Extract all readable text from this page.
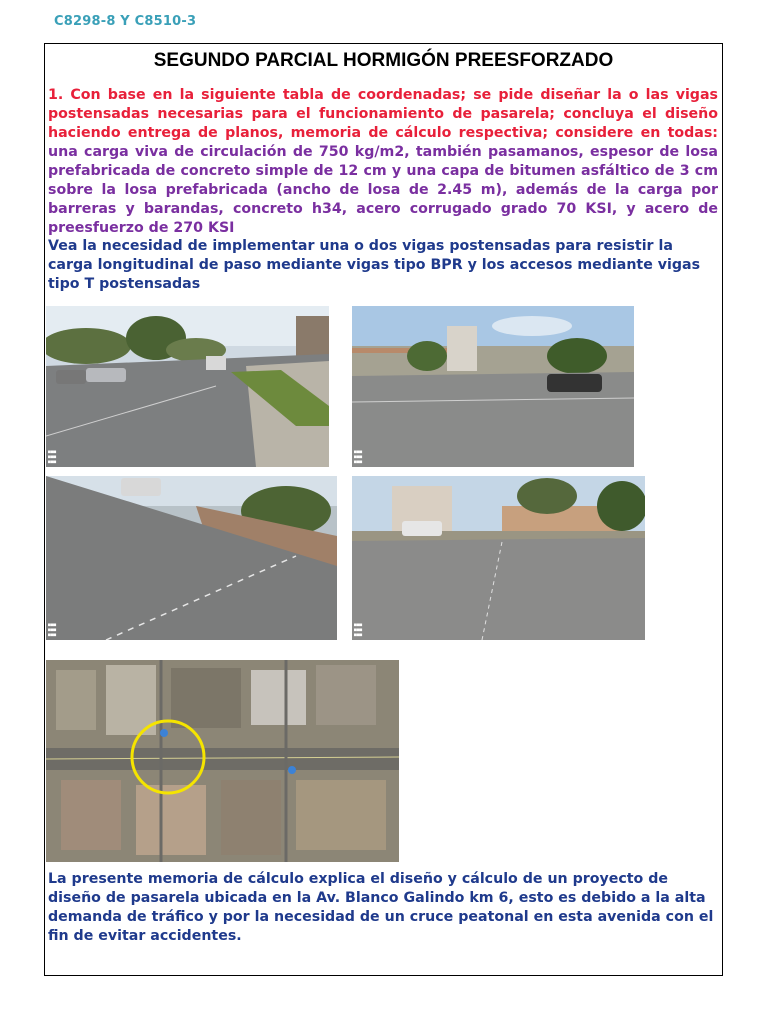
C8298-8 Y C8510-3
SEGUNDO PARCIAL HORMIGÓN PREESFORZADO
1. Con base en la siguiente tabla de coordenadas; se pide diseñar la o las vigas postensadas necesarias para el funcionamiento de pasarela; concluya el diseño haciendo entrega de planos, memoria de cálculo respectiva; considere en todas: una carga viva de circulación de 750 kg/m2, también pasamanos, espesor de losa prefabricada de concreto simple de 12 cm y una capa de bitumen asfáltico de 3 cm sobre la losa prefabricada (ancho de losa de 2.45 m), además de la carga por barreras y barandas, concreto h34, acero corrugado grado 70 KSI, y acero de preesfuerzo de 270 KSI
Vea la necesidad de implementar una o dos vigas postensadas para resistir la carga longitudinal de paso mediante vigas tipo BPR y los accesos mediante vigas tipo T postensadas
La presente memoria de cálculo explica el diseño y cálculo de un proyecto de diseño de pasarela ubicada en la Av. Blanco Galindo km 6, esto es debido a la alta demanda de tráfico y por la necesidad de un cruce peatonal en esta avenida con el fin de evitar accidentes.
■■■
■■■
■■■
■■■
■■■
■■■
■■■
■■■
■■■
■■■
■■■
■■■
